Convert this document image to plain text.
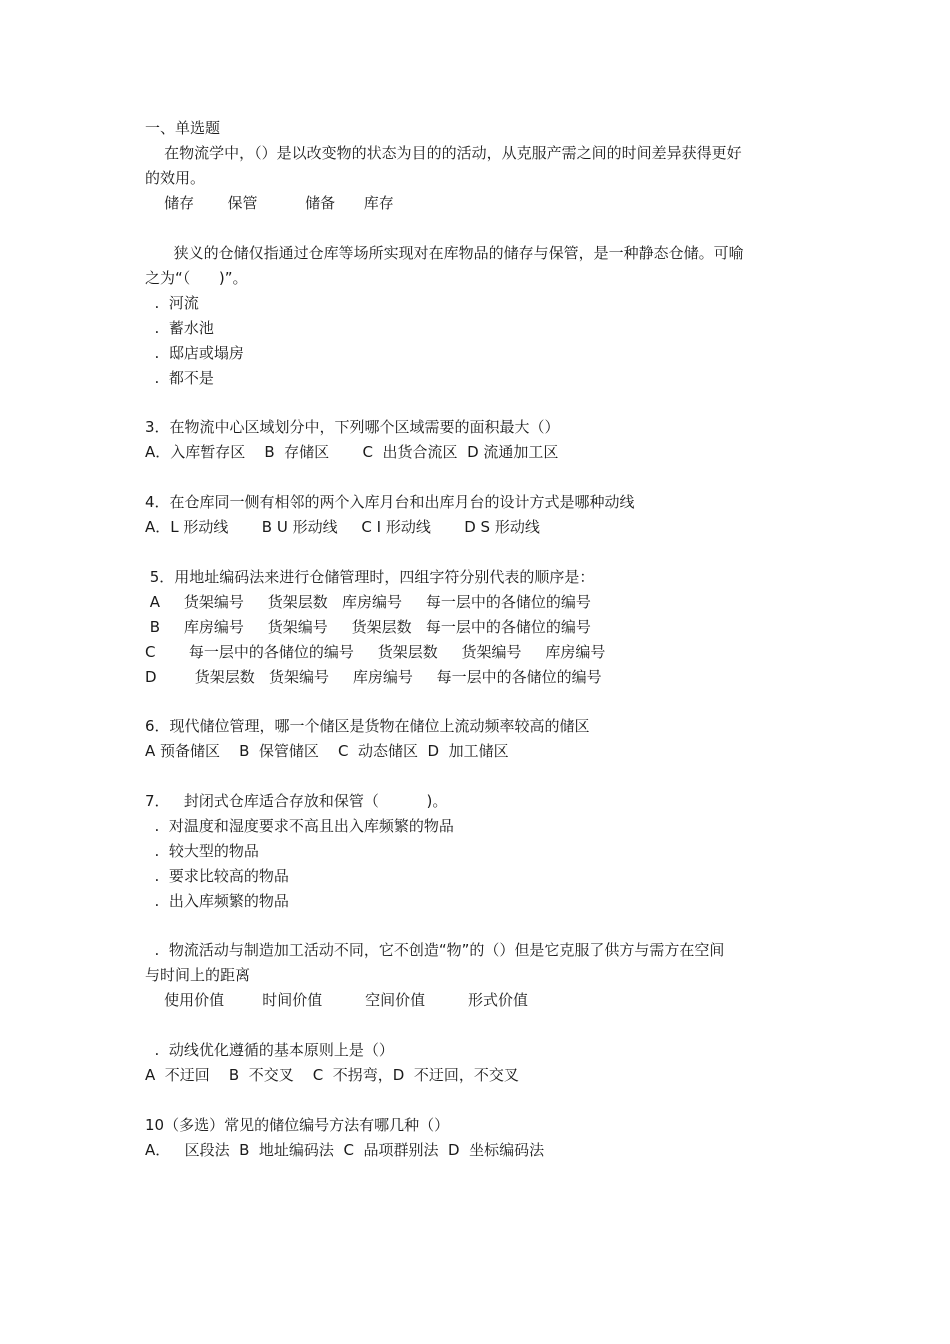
一、单选题
在物流学中，（）是以改变物的状态为目的的活动，从克服产需之间的时间差异获得更好
的效用。
储存       保管          储备      库存
狭义的仓储仅指通过仓库等场所实现对在库物品的储存与保管，是一种静态仓储。可喻
之为“（      )”。
.  河流
.  蓄水池
.  邸店或塌房
.  都不是
3．在物流中心区域划分中，下列哪个区域需要的面积最大（）
A．入库暂存区    B  存储区       C  出货合流区  D 流通加工区
4．在仓库同一侧有相邻的两个入库月台和出库月台的设计方式是哪种动线
A．L 形动线       B U 形动线     C I 形动线       D S 形动线
5．用地址编码法来进行仓储管理时，四组字符分别代表的顺序是：
A     货架编号     货架层数   库房编号     每一层中的各储位的编号
B     库房编号     货架编号     货架层数   每一层中的各储位的编号
C       每一层中的各储位的编号     货架层数     货架编号     库房编号
D        货架层数   货架编号     库房编号     每一层中的各储位的编号
6．现代储位管理，哪一个储区是货物在储位上流动频率较高的储区
A 预备储区    B  保管储区    C  动态储区  D  加工储区
7．   封闭式仓库适合存放和保管（          )。
.  对温度和湿度要求不高且出入库频繁的物品
.  较大型的物品
.  要求比较高的物品
.  出入库频繁的物品
.  物流活动与制造加工活动不同，它不创造“物”的（）但是它克服了供方与需方在空间
与时间上的距离
使用价值        时间价值         空间价值         形式价值
.  动线优化遵循的基本原则上是（）
A  不迂回    B  不交叉    C  不拐弯，D  不迂回，不交叉
10（多选）常见的储位编号方法有哪几种（）
A．   区段法  B  地址编码法  C  品项群别法  D  坐标编码法
